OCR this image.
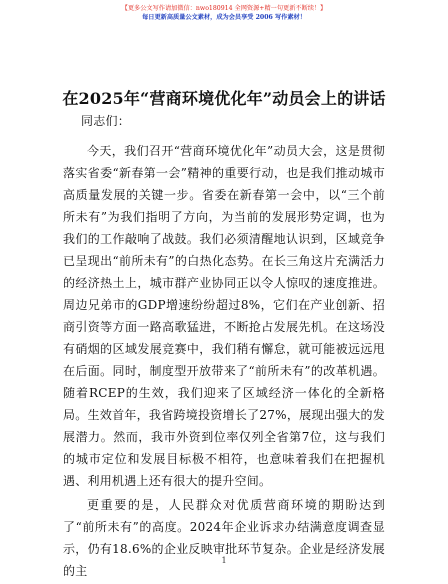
【更多公文写作请加微信：nwo180914 全网资源+精一句更新不断续！】
每日更新高质量公文素材，成为会员享受 2006 写作素材！
在2025年“营商环境优化年”动员会上的讲话
同志们：

今天，我们召开“营商环境优化年”动员大会，这是贯彻落实省委“新春第一会”精神的重要行动，也是我们推动城市高质量发展的关键一步。省委在新春第一会中，以“三个前所未有”为我们指明了方向，为当前的发展形势定调，也为我们的工作敲响了战鼓。我们必须清醒地认识到，区域竞争已呈现出“前所未有”的白热化态势。在长三角这片充满活力的经济热土上，城市群产业协同正以令人惊叹的速度推进。周边兄弟市的GDP增速纷纷超过8%，它们在产业创新、招商引资等方面一路高歌猛进，不断抢占发展先机。在这场没有硝烟的区域发展竞赛中，我们稍有懈怠，就可能被远远甩在后面。同时，制度型开放带来了“前所未有”的改革机遇。随着RCEP的生效，我们迎来了区域经济一体化的全新格局。生效首年，我省跨境投资增长了27%，展现出强大的发展潜力。然而，我市外资到位率仅列全省第7位，这与我们的城市定位和发展目标极不相符，也意味着我们在把握机遇、利用机遇上还有很大的提升空间。

更重要的是，人民群众对优质营商环境的期盼达到了“前所未有”的高度。2024年企业诉求办结满意度调查显示，仍有18.6%的企业反映审批环节复杂。企业是经济发展的主

1
